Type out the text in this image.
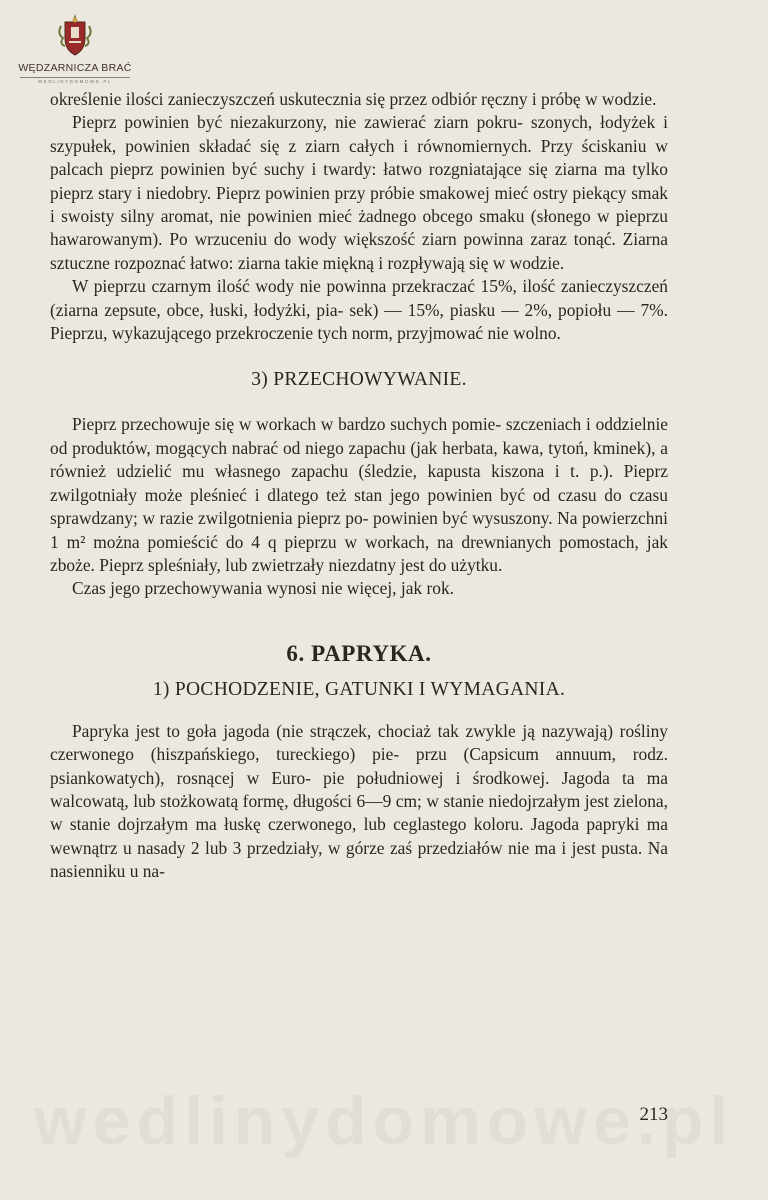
WĘDZARNICZA BRAĆ
WEDLINYDOMOWE.PL

określenie ilości zanieczyszczeń uskutecznia się przez odbiór ręczny i próbę w wodzie.

Pieprz powinien być niezakurzony, nie zawierać ziarn pokru- szonych, łodyżek i szypułek, powinien składać się z ziarn całych i równomiernych. Przy ściskaniu w palcach pieprz powinien być suchy i twardy: łatwo rozgniatające się ziarna ma tylko pieprz stary i niedobry. Pieprz powinien przy próbie smakowej mieć ostry piekący smak i swoisty silny aromat, nie powinien mieć żadnego obcego smaku (słonego w pieprzu hawarowanym). Po wrzuceniu do wody większość ziarn powinna zaraz tonąć. Ziarna sztuczne rozpoznać łatwo: ziarna takie miękną i rozpływają się w wodzie.

W pieprzu czarnym ilość wody nie powinna przekraczać 15%, ilość zanieczyszczeń (ziarna zepsute, obce, łuski, łodyżki, pia- sek) — 15%, piasku — 2%, popiołu — 7%. Pieprzu, wykazującego przekroczenie tych norm, przyjmować nie wolno.

3) PRZECHOWYWANIE.

Pieprz przechowuje się w workach w bardzo suchych pomie- szczeniach i oddzielnie od produktów, mogących nabrać od niego zapachu (jak herbata, kawa, tytoń, kminek), a również udzielić mu własnego zapachu (śledzie, kapusta kiszona i t. p.). Pieprz zwilgotniały może pleśnieć i dlatego też stan jego powinien być od czasu do czasu sprawdzany; w razie zwilgotnienia pieprz po- powinien być wysuszony. Na powierzchni 1 m² można pomieścić do 4 q pieprzu w workach, na drewnianych pomostach, jak zboże. Pieprz spleśniały, lub zwietrzały niezdatny jest do użytku.

Czas jego przechowywania wynosi nie więcej, jak rok.

6. PAPRYKA.

1) POCHODZENIE, GATUNKI I WYMAGANIA.

Papryka jest to goła jagoda (nie strączek, chociaż tak zwykle ją nazywają) rośliny czerwonego (hiszpańskiego, tureckiego) pie- przu (Capsicum annuum, rodz. psiankowatych), rosnącej w Euro- pie południowej i środkowej. Jagoda ta ma walcowatą, lub stożkowatą formę, długości 6—9 cm; w stanie niedojrzałym jest zielona, w stanie dojrzałym ma łuskę czerwonego, lub ceglastego koloru. Jagoda papryki ma wewnątrz u nasady 2 lub 3 przedziały, w górze zaś przedziałów nie ma i jest pusta. Na nasienniku u na-

213
